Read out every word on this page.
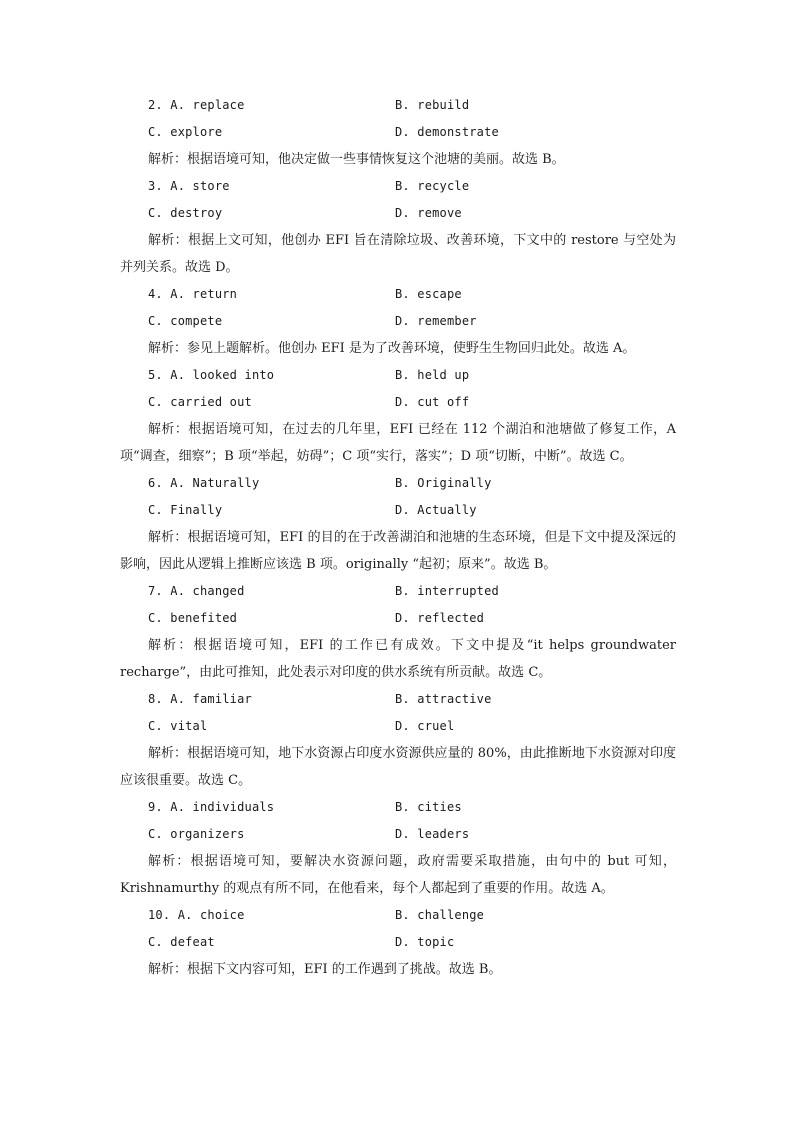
2. A. replace	B. rebuild
C. explore	D. demonstrate

解析：根据语境可知，他决定做一些事情恢复这个池塘的美丽。故选 B。

3. A. store	B. recycle
C. destroy	D. remove

解析：根据上文可知，他创办 EFI 旨在清除垃圾、改善环境，下文中的 restore 与空处为并列关系。故选 D。

4. A. return	B. escape
C. compete	D. remember

解析：参见上题解析。他创办 EFI 是为了改善环境，使野生生物回归此处。故选 A。

5. A. looked into	B. held up
C. carried out	D. cut off

解析：根据语境可知，在过去的几年里，EFI 已经在 112 个湖泊和池塘做了修复工作，A 项“调查，细察”；B 项“举起，妨碍”；C 项“实行，落实”；D 项“切断，中断”。故选 C。

6. A. Naturally	B. Originally
C. Finally	D. Actually

解析：根据语境可知，EFI 的目的在于改善湖泊和池塘的生态环境，但是下文中提及深远的影响，因此从逻辑上推断应该选 B 项。originally “起初；原来”。故选 B。

7. A. changed	B. interrupted
C. benefited	D. reflected

解析：根据语境可知，EFI 的工作已有成效。下文中提及“it helps groundwater recharge”，由此可推知，此处表示对印度的供水系统有所贡献。故选 C。

8. A. familiar	B. attractive
C. vital	D. cruel

解析：根据语境可知，地下水资源占印度水资源供应量的 80%，由此推断地下水资源对印度应该很重要。故选 C。

9. A. individuals	B. cities
C. organizers	D. leaders

解析：根据语境可知，要解决水资源问题，政府需要采取措施，由句中的 but 可知，Krishnamurthy 的观点有所不同，在他看来，每个人都起到了重要的作用。故选 A。

10. A. choice	B. challenge
C. defeat	D. topic

解析：根据下文内容可知，EFI 的工作遇到了挑战。故选 B。
